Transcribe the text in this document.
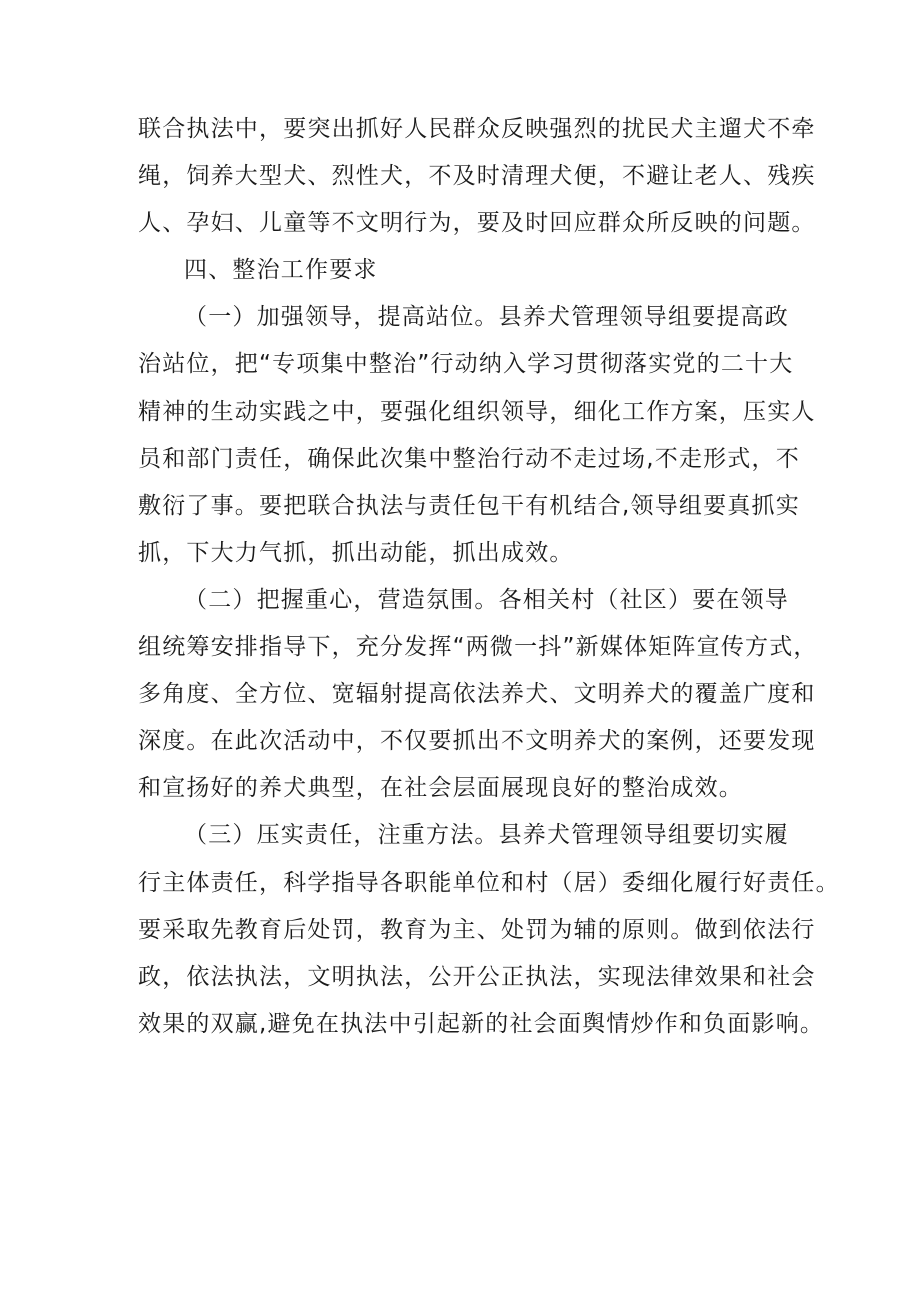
联合执法中，要突出抓好人民群众反映强烈的扰民犬主遛犬不牵
绳，饲养大型犬、烈性犬，不及时清理犬便，不避让老人、残疾
人、孕妇、儿童等不文明行为，要及时回应群众所反映的问题。
四、整治工作要求
（一）加强领导，提高站位。县养犬管理领导组要提高政
治站位，把“专项集中整治”行动纳入学习贯彻落实党的二十大
精神的生动实践之中，要强化组织领导，细化工作方案，压实人
员和部门责任，确保此次集中整治行动不走过场,不走形式，不
敷衍了事。要把联合执法与责任包干有机结合,领导组要真抓实
抓，下大力气抓，抓出动能，抓出成效。
（二）把握重心，营造氛围。各相关村（社区）要在领导
组统筹安排指导下，充分发挥“两微一抖”新媒体矩阵宣传方式，
多角度、全方位、宽辐射提高依法养犬、文明养犬的覆盖广度和
深度。在此次活动中，不仅要抓出不文明养犬的案例，还要发现
和宣扬好的养犬典型，在社会层面展现良好的整治成效。
（三）压实责任，注重方法。县养犬管理领导组要切实履
行主体责任，科学指导各职能单位和村（居）委细化履行好责任。
要采取先教育后处罚，教育为主、处罚为辅的原则。做到依法行
政，依法执法，文明执法，公开公正执法，实现法律效果和社会
效果的双赢,避免在执法中引起新的社会面舆情炒作和负面影响。
